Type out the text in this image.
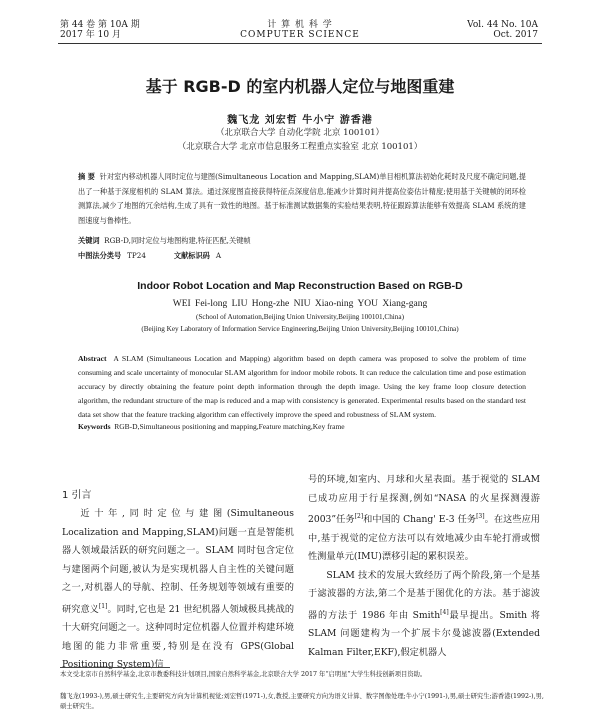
第 44 卷 第 10A 期
2017 年 10 月
计 算 机 科 学
COMPUTER SCIENCE
Vol. 44 No. 10A
Oct. 2017
基于 RGB-D 的室内机器人定位与地图重建
魏飞龙 刘宏哲 牛小宁 游香港
（北京联合大学 自动化学院 北京 100101）
（北京联合大学 北京市信息服务工程重点实验室 北京 100101）
摘 要 针对室内移动机器人同时定位与建图(Simultaneous Location and Mapping,SLAM)单目相机算法初始化耗时及尺度不确定问题,提出了一种基于深度相机的 SLAM 算法。通过深度图直接获得特征点深度信息,能减少计算时间并提高位姿估计精度;使用基于关键帧的闭环检测算法,减少了地图的冗余结构,生成了具有一致性的地图。基于标准测试数据集的实验结果表明,特征跟踪算法能够有效提高 SLAM 系统的建图速度与鲁棒性。
关键词 RGB-D,同时定位与地图构建,特征匹配,关键帧
中图法分类号 TP24	文献标识码 A
Indoor Robot Location and Map Reconstruction Based on RGB-D
WEI Fei-long LIU Hong-zhe NIU Xiao-ning YOU Xiang-gang
(School of Automation,Beijing Union University,Beijing 100101,China)
(Beijing Key Laboratory of Information Service Engineering,Beijing Union University,Beijing 100101,China)
Abstract A SLAM (Simultaneous Location and Mapping) algorithm based on depth camera was proposed to solve the problem of time consuming and scale uncertainty of monocular SLAM algorithm for indoor mobile robots. It can reduce the calculation time and pose estimation accuracy by directly obtaining the feature point depth information through the depth image. Using the key frame loop closure detection algorithm, the redundant structure of the map is reduced and a map with consistency is generated. Experimental results based on the standard test data set show that the feature tracking algorithm can effectively improve the speed and robustness of SLAM system.
Keywords RGB-D,Simultaneous positioning and mapping,Feature matching,Key frame
1 引言

近十年,同时定位与建图(Simultaneous Localization and Mapping,SLAM)问题一直是智能机器人领域最活跃的研究问题之一。SLAM 同时包含定位与建图两个问题,被认为是实现机器人自主性的关键问题之一,对机器人的导航、控制、任务规划等领域有重要的研究意义[1]。同时,它也是 21 世纪机器人领域极具挑战的十大研究问题之一。这种同时定位机器人位置并构建环境地图的能力非常重要,特别是在没有 GPS(Global Positioning System)信

号的环境,如室内、月球和火星表面。基于视觉的 SLAM 已成功应用于行星探测,例如“NASA 的火星探测漫游 2003”任务[2]和中国的 Chang' E-3 任务[3]。在这些应用中,基于视觉的定位方法可以有效地减少由车轮打滑或惯性测量单元(IMU)漂移引起的累积误差。

SLAM 技术的发展大致经历了两个阶段,第一个是基于滤波器的方法,第二个是基于图优化的方法。基于滤波器的方法于 1986 年由 Smith[4]最早提出。Smith 将 SLAM 问题建构为一个扩展卡尔曼滤波器(Extended Kalman Filter,EKF),假定机器人

本文受北京市自然科学基金,北京市教委科技计划项目,国家自然科学基金,北京联合大学 2017 年“启明星”大学生科技创新项目资助。
魏飞龙(1993-),男,硕士研究生,主要研究方向为计算机视觉;刘宏哲(1971-),女,教授,主要研究方向为语义计算、数字图像处理;牛小宁(1991-),男,硕士研究生;游香港(1992-),男,硕士研究生。
